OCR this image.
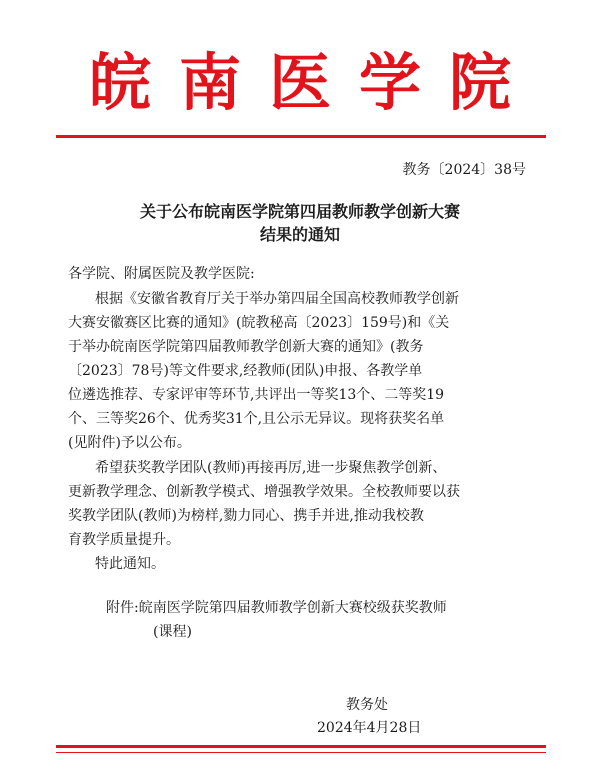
皖南医学院
教务〔2024〕38号
关于公布皖南医学院第四届教师教学创新大赛
结果的通知
各学院、附属医院及教学医院:
根据《安徽省教育厅关于举办第四届全国高校教师教学创新
大赛安徽赛区比赛的通知》(皖教秘高〔2023〕159号)和《关
于举办皖南医学院第四届教师教学创新大赛的通知》(教务
〔2023〕78号)等文件要求,经教师(团队)申报、各教学单
位遴选推荐、专家评审等环节,共评出一等奖13个、二等奖19
个、三等奖26个、优秀奖31个,且公示无异议。现将获奖名单
(见附件)予以公布。
希望获奖教学团队(教师)再接再厉,进一步聚焦教学创新、
更新教学理念、创新教学模式、增强教学效果。全校教师要以获
奖教学团队(教师)为榜样,勠力同心、携手并进,推动我校教
育教学质量提升。
特此通知。
附件:皖南医学院第四届教师教学创新大赛校级获奖教师
(课程)
教务处
2024年4月28日
